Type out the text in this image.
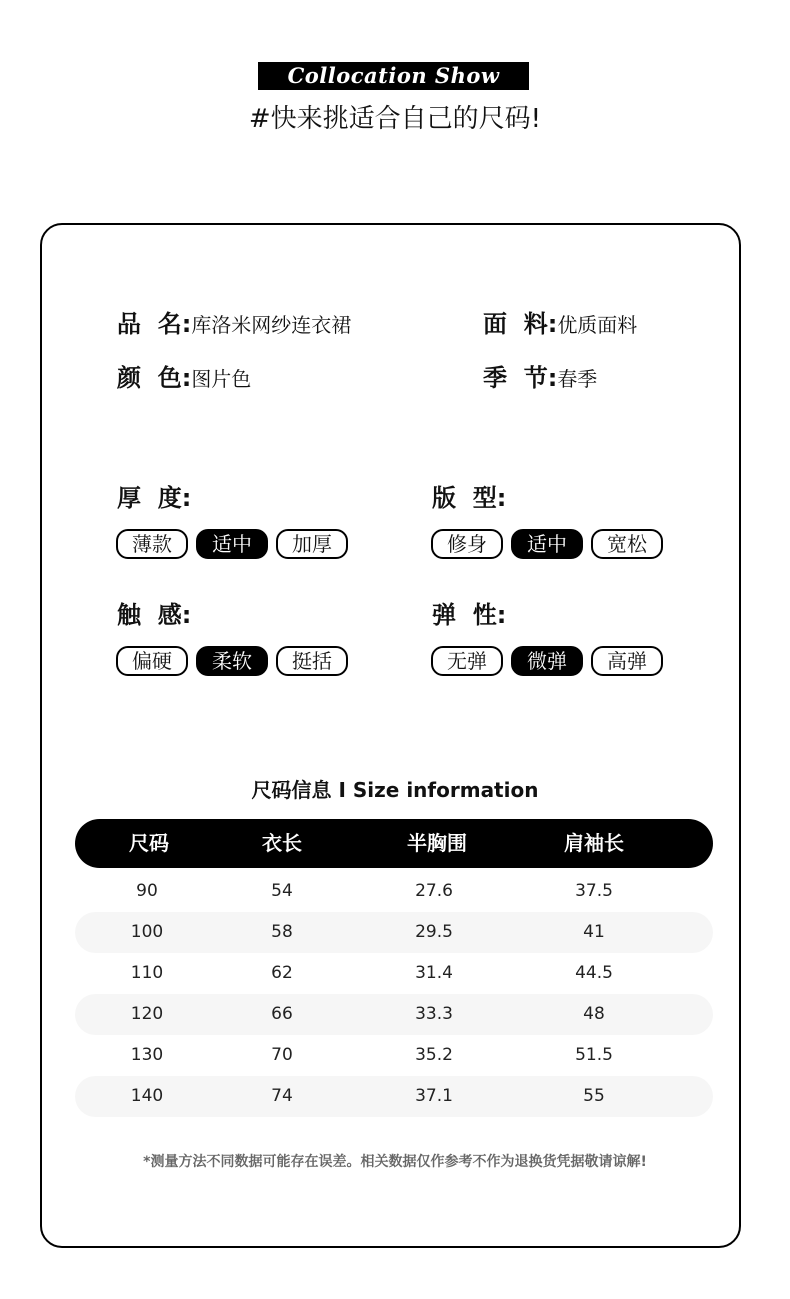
Collocation Show
#快来挑适合自己的尺码!
品  名:库洛米网纱连衣裙	面  料:优质面料
颜  色:图片色	季  节:春季
厚  度:
薄款	适中	加厚
版  型:
修身	适中	宽松
触  感:
偏硬	柔软	挺括
弹  性:
无弹	微弹	高弹
尺码信息 I Size information
尺码	衣长	半胸围	肩袖长
90	54	27.6	37.5
100	58	29.5	41
110	62	31.4	44.5
120	66	33.3	48
130	70	35.2	51.5
140	74	37.1	55
*测量方法不同数据可能存在误差。相关数据仅作参考不作为退换货凭据敬请谅解!
